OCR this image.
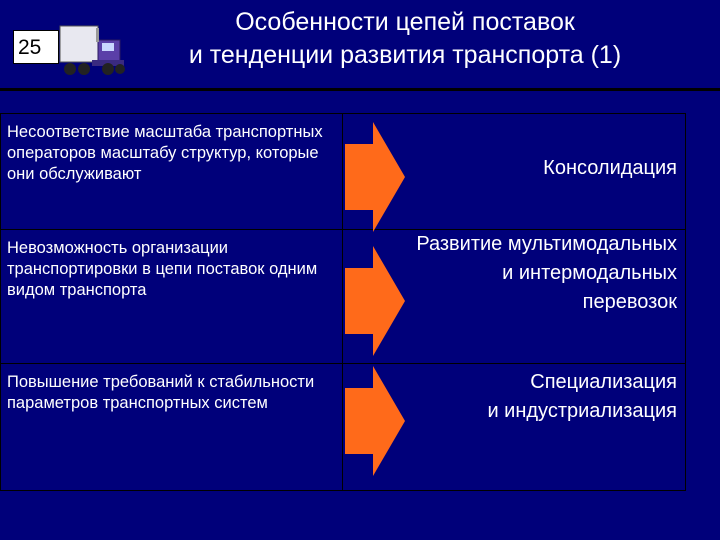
25
Особенности цепей поставок
и тенденции развития транспорта (1)
Несоответствие масштаба транспортных операторов масштабу структур, которые они обслуживают	Консолидация
Невозможность организации транспортировки в цепи поставок одним видом транспорта
Развитие мультимодальных
и интермодальных
перевозок
Повышение требований к стабильности параметров транспортных систем
Специализация
и индустриализация
